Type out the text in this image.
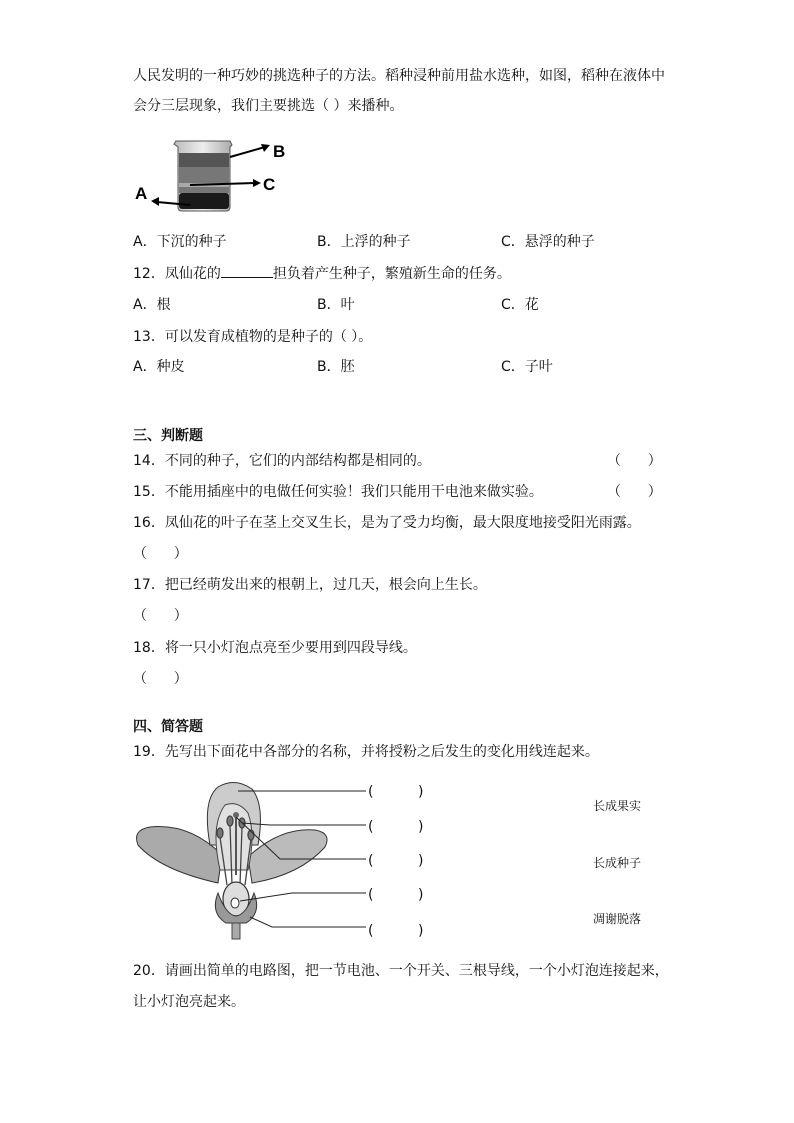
人民发明的一种巧妙的挑选种子的方法。稻种浸种前用盐水选种，如图，稻种在液体中
会分三层现象，我们主要挑选（ ）来播种。
B
C
A
A．下沉的种子	B．上浮的种子	C．悬浮的种子
12．凤仙花的	担负着产生种子，繁殖新生命的任务。
A．根	B．叶	C．花
13．可以发育成植物的是种子的（ ）。
A．种皮	B．胚	C．子叶
三、判断题
14．不同的种子，它们的内部结构都是相同的。	（      ）
15．不能用插座中的电做任何实验！我们只能用干电池来做实验。	（      ）
16．凤仙花的叶子在茎上交叉生长，是为了受力均衡，最大限度地接受阳光雨露。
（      ）
17．把已经萌发出来的根朝上，过几天，根会向上生长。
（      ）
18．将一只小灯泡点亮至少要用到四段导线。
（      ）
四、简答题
19．先写出下面花中各部分的名称，并将授粉之后发生的变化用线连起来。
(          )
(          )
(          )
(          )
(          )
长成果实
长成种子
凋谢脱落
20．请画出简单的电路图，把一节电池、一个开关、三根导线，一个小灯泡连接起来，
让小灯泡亮起来。
